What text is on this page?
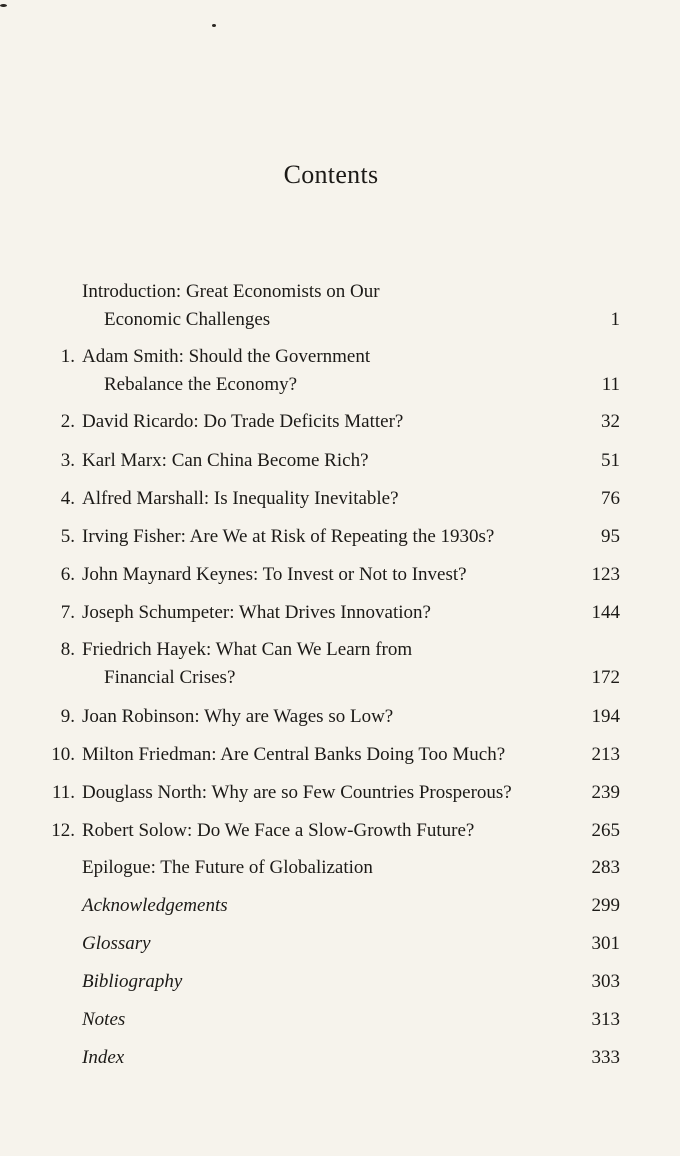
Contents
Introduction: Great Economists on Our
Economic Challenges	1
1. Adam Smith: Should the Government
Rebalance the Economy?	11
2. David Ricardo: Do Trade Deficits Matter?	32
3. Karl Marx: Can China Become Rich?	51
4. Alfred Marshall: Is Inequality Inevitable?	76
5. Irving Fisher: Are We at Risk of Repeating the 1930s?	95
6. John Maynard Keynes: To Invest or Not to Invest?	123
7. Joseph Schumpeter: What Drives Innovation?	144
8. Friedrich Hayek: What Can We Learn from
Financial Crises?	172
9. Joan Robinson: Why are Wages so Low?	194
10. Milton Friedman: Are Central Banks Doing Too Much?	213
11. Douglass North: Why are so Few Countries Prosperous?	239
12. Robert Solow: Do We Face a Slow-Growth Future?	265
Epilogue: The Future of Globalization	283
Acknowledgements	299
Glossary	301
Bibliography	303
Notes	313
Index	333
